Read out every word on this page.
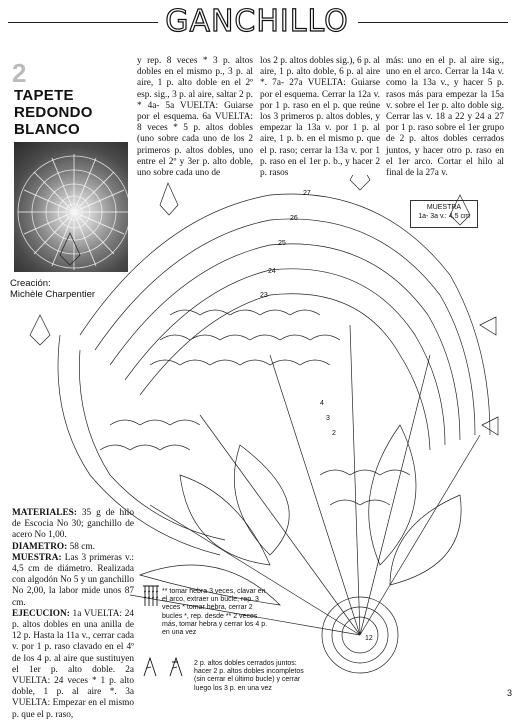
GANCHILLO
2
TAPETE
REDONDO
BLANCO
Creación:
Michèle Charpentier
y rep. 8 veces * 3 p. altos dobles en el mismo p., 3 p. al aire, 1 p. alto doble en el 2º esp. sig., 3 p. al aire, saltar 2 p. * 4a- 5a VUELTA: Guiarse por el esquema. 6a VUELTA: 8 veces * 5 p. altos dobles (uno sobre cada uno de los 2 primeros p. altos dobles, uno entre el 2º y 3er p. alto doble, uno sobre cada uno de
los 2 p. altos dobles sig.), 6 p. al aire, 1 p. alto doble, 6 p. al aire *. 7a- 27a VUELTA: Guiarse por el esquema. Cerrar la 12a v. por 1 p. raso en el p. que reúne los 3 primeros p. altos dobles, y empezar la 13a v. por 1 p. al aire, 1 p. b. en el mismo p. que el p. raso; cerrar la 13a v. por 1 p. raso en el 1er p. b., y hacer 2 p. rasos
más: uno en el p. al aire sig., uno en el arco. Cerrar la 14a v. como la 13a v., y hacer 5 p. rasos más para empezar la 15a v. sobre el 1er p. alto doble sig. Cerrar las v. 18 a 22 y 24 a 27 por 1 p. raso sobre el 1er grupo de 2 p. altos dobles cerrados juntos, y hacer otro p. raso en el 1er arco. Cortar el hilo al final de la 27a v.
MUESTRA
1a- 3a v.: 4,5 cm
27
26
25
24
23
12
4
3
2

MATERIALES: 35 g de hilo de Escocia No 30; ganchillo de acero No 1,00.

DIAMETRO: 58 cm.

MUESTRA: Las 3 primeras v.: 4,5 cm de diámetro. Realizada con algodón No 5 y un ganchillo No 2,00, la labor mide unos 87 cm.

EJECUCION: 1a VUELTA: 24 p. altos dobles en una anilla de 12 p. Hasta la 11a v., cerrar cada v. por 1 p. raso clavado en el 4º de los 4 p. al aire que sustituyen el 1er p. alto doble. 2a VUELTA: 24 veces * 1 p. alto doble, 1 p. al aire *. 3a VUELTA: Empezar en el mismo p. que el p. raso,

** tomar hebra 3 veces, clavar en el arco, extraer un bucle, rep. 3 veces * tomar hebra, cerrar 2 bucles *, rep. desde ** 2 veces más, tomar hebra y cerrar los 4 p. en una vez
2 p. altos dobles cerrados juntos: hacer 2 p. altos dobles incompletos (sin cerrar el último bucle) y cerrar luego los 3 p. en una vez	3
